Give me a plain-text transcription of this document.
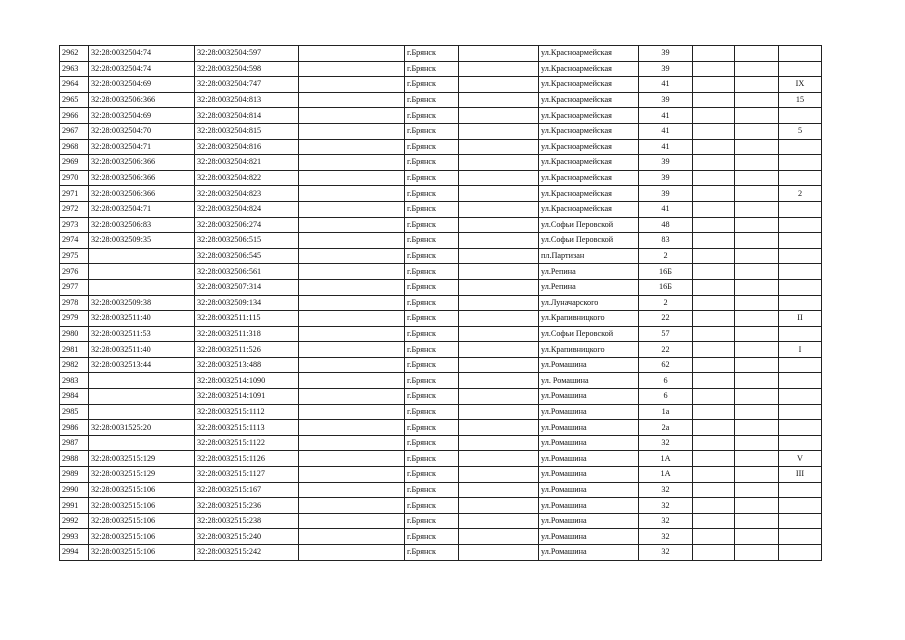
2962	32:28:0032504:74	32:28:0032504:597		г.Брянск		ул.Красноармейская	39			
2963	32:28:0032504:74	32:28:0032504:598		г.Брянск		ул.Красноармейская	39			
2964	32:28:0032504:69	32:28:0032504:747		г.Брянск		ул.Красноармейская	41			IX
2965	32:28:0032506:366	32:28:0032504:813		г.Брянск		ул.Красноармейская	39			15
2966	32:28:0032504:69	32:28:0032504:814		г.Брянск		ул.Красноармейская	41			
2967	32:28:0032504:70	32:28:0032504:815		г.Брянск		ул.Красноармейская	41			5
2968	32:28:0032504:71	32:28:0032504:816		г.Брянск		ул.Красноармейская	41			
2969	32:28:0032506:366	32:28:0032504:821		г.Брянск		ул.Красноармейская	39			
2970	32:28:0032506:366	32:28:0032504:822		г.Брянск		ул.Красноармейская	39			
2971	32:28:0032506:366	32:28:0032504:823		г.Брянск		ул.Красноармейская	39			2
2972	32:28:0032504:71	32:28:0032504:824		г.Брянск		ул.Красноармейская	41			
2973	32:28:0032506:83	32:28:0032506:274		г.Брянск		ул.Софьи Перовской	48			
2974	32:28:0032509:35	32:28:0032506:515		г.Брянск		ул.Софьи Перовской	83			
2975		32:28:0032506:545		г.Брянск		пл.Партизан	2			
2976		32:28:0032506:561		г.Брянск		ул.Репина	16Б			
2977		32:28:0032507:314		г.Брянск		ул.Репина	16Б			
2978	32:28:0032509:38	32:28:0032509:134		г.Брянск		ул.Луначарского	2			
2979	32:28:0032511:40	32:28:0032511:115		г.Брянск		ул.Крапивницкого	22			II
2980	32:28:0032511:53	32:28:0032511:318		г.Брянск		ул.Софьи Перовской	57			
2981	32:28:0032511:40	32:28:0032511:526		г.Брянск		ул.Крапивницкого	22			I
2982	32:28:0032513:44	32:28:0032513:488		г.Брянск		ул.Ромашина	62			
2983		32:28:0032514:1090		г.Брянск		ул. Ромашина	6			
2984		32:28:0032514:1091		г.Брянск		ул.Ромашина	6			
2985		32:28:0032515:1112		г.Брянск		ул.Ромашина	1а			
2986	32:28:0031525:20	32:28:0032515:1113		г.Брянск		ул.Ромашина	2а			
2987		32:28:0032515:1122		г.Брянск		ул.Ромашина	32			
2988	32:28:0032515:129	32:28:0032515:1126		г.Брянск		ул.Ромашина	1А			V
2989	32:28:0032515:129	32:28:0032515:1127		г.Брянск		ул.Ромашина	1А			III
2990	32:28:0032515:106	32:28:0032515:167		г.Брянск		ул.Ромашина	32			
2991	32:28:0032515:106	32:28:0032515:236		г.Брянск		ул.Ромашина	32			
2992	32:28:0032515:106	32:28:0032515:238		г.Брянск		ул.Ромашина	32			
2993	32:28:0032515:106	32:28:0032515:240		г.Брянск		ул.Ромашина	32			
2994	32:28:0032515:106	32:28:0032515:242		г.Брянск		ул.Ромашина	32			
